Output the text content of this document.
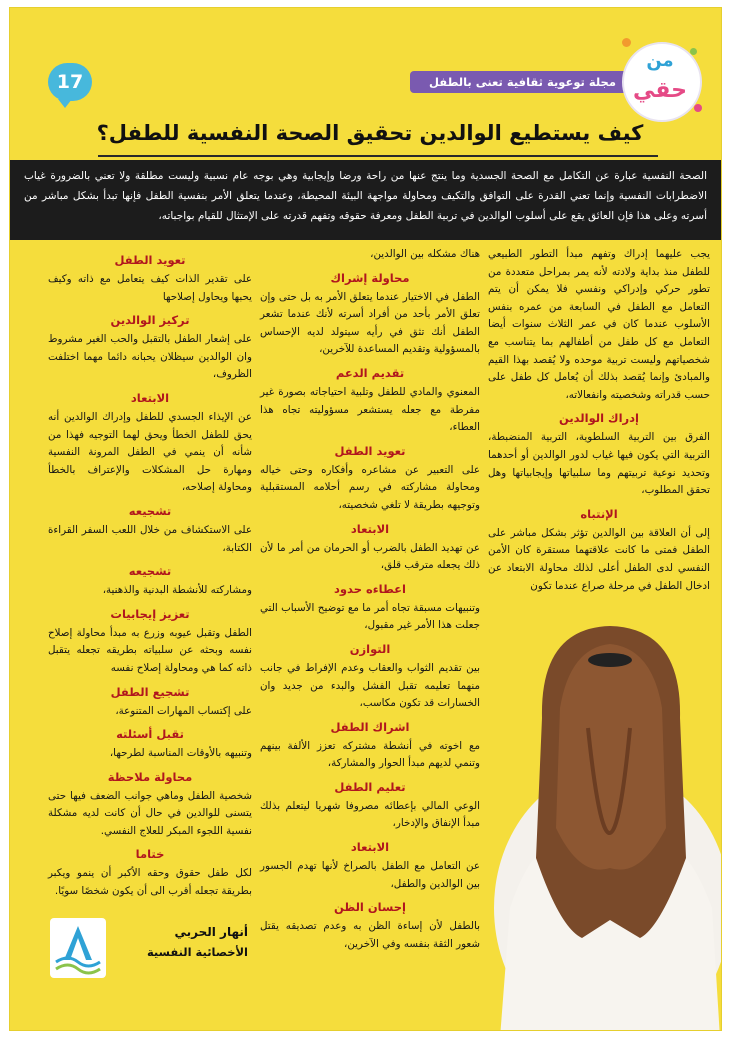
17	مجلة توعوية ثقافية تعنى بالطفل
من
حقي
كيف يستطيع الوالدين تحقيق الصحة النفسية للطفل؟

الصحة النفسية عبارة عن التكامل مع الصحة الجسدية وما ينتج عنها من راحة ورضا وإيجابية وهي بوجه عام نسبية وليست مطلقة ولا تعني بالضرورة غياب الاضطرابات النفسية وإنما تعني القدرة على التوافق والتكيف ومحاولة مواجهة البيئة المحيطة، وعندما يتعلق الأمر بنفسية الطفل فإنها تبدأ بشكل مباشر من أسرته وعلى هذا فإن العائق يقع على أسلوب الوالدين في تربية الطفل ومعرفة حقوقه وتفهم قدرته على الإمتثال للقيام بواجباته،

يجب عليهما إدراك وتفهم مبدأ التطور الطبيعي للطفل منذ بداية ولادته لأنه يمر بمراحل متعددة من تطور حركي وإدراكي ونفسي فلا يمكن أن يتم التعامل مع الطفل في السابعة من عمره بنفس الأسلوب عندما كان في عمر الثلاث سنوات أيضا التعامل مع كل طفل من أطفالهم بما يتناسب مع شخصياتهم وليست تربية موحده ولا يُقصد بهذا القيم والمبادئ وإنما يُقصد بذلك أن يُعامل كل طفل على حسب قدراته وشخصيته وانفعالاته،

إدراك الوالدين

الفرق بين التربية السلطوية، التربية المنضبطة، التربية التي يكون فيها غياب لدور الوالدين أو أحدهما وتحديد نوعية تربيتهم وما سلبياتها وإيجابياتها وهل تحقق المطلوب،

الإنتباه

إلى أن العلاقة بين الوالدين تؤثر بشكل مباشر على الطفل فمتى ما كانت علاقتهما مستقرة كان الأمن النفسي لدى الطفل أعلى لذلك محاولة الابتعاد عن ادخال الطفل في مرحلة صراع عندما تكون

هناك مشكله بين الوالدين،

محاولة إشراك

الطفل في الاختيار عندما يتعلق الأمر به بل حتى وإن تعلق الأمر بأحد من أفراد أسرته لأنك عندما تشعر الطفل أنك تثق في رأيه سيتولد لديه الإحساس بالمسؤولية وتقديم المساعدة للآخرين،

تقديم الدعم

المعنوي والمادي للطفل وتلبية احتياجاته بصورة غير مفرطة مع جعله يستشعر مسؤوليته تجاه هذا العطاء،

تعويد الطفل

على التعبير عن مشاعره وأفكاره وحتى خياله ومحاولة مشاركته في رسم أحلامه المستقبلية وتوجيهه بطريقة لا تلغي شخصيته،

الابتعاد

عن تهديد الطفل بالضرب أو الحرمان من أمر ما لأن ذلك يجعله مترقب قلق،

اعطاءه حدود

وتنبيهات مسبقة تجاه أمر ما مع توضيح الأسباب التي جعلت هذا الأمر غير مقبول،

التوازن

بين تقديم الثواب والعقاب وعدم الإفراط في جانب منهما تعليمه تقبل الفشل والبدء من جديد وان الخسارات قد تكون مكاسب،

اشراك الطفل

مع اخوته في أنشطة مشتركه تعزز الألفة بينهم وتنمي لديهم مبدأ الحوار والمشاركة،

تعليم الطفل

الوعي المالي بإعطائه مصروفا شهريا ليتعلم بذلك مبدأ الإنفاق والإدخار،

الابتعاد

عن التعامل مع الطفل بالصراخ لأنها تهدم الجسور بين الوالدين والطفل،

إحسان الظن

بالطفل لأن إساءة الظن به وعدم تصديقه يقتل شعور الثقة بنفسه وفي الآخرين،

تعويد الطفل

على تقدير الذات كيف يتعامل مع ذاته وكيف يحبها ويحاول إصلاحها

تركيز الوالدين

على إشعار الطفل بالتقبل والحب الغير مشروط وان الوالدين سيظلان يحبانه دائما مهما اختلفت الظروف،

الابتعاد

عن الإيذاء الجسدي للطفل وإدراك الوالدين أنه يحق للطفل الخطأ ويحق لهما التوجيه فهذا من شأنه أن ينمي في الطفل المرونة النفسية ومهارة حل المشكلات والإعتراف بالخطأ ومحاولة إصلاحه،

تشجيعه

على الاستكشاف من خلال اللعب السفر القراءة الكتابة،

تشجيعه

ومشاركته للأنشطة البدنية والذهنية،

تعزيز إيجابيات

الطفل وتقبل عيوبه وزرع به مبدأ محاولة إصلاح نفسه وبحثه عن سلبياته بطريقه تجعله يتقبل ذاته كما هي ومحاولة إصلاح نفسه

تشجيع الطفل

على إكتساب المهارات المتنوعة،

تقبل أسئلته

وتنبيهه بالأوقات المناسبة لطرحها،

محاولة ملاحظة

شخصية الطفل وماهي جوانب الضعف فيها حتى يتسنى للوالدين في حال أن كانت لديه مشكلة نفسية اللجوء المبكر للعلاج النفسي.

ختاما

لكل طفل حقوق وحقه الأكبر أن ينمو ويكبر بطريقة تجعله أقرب الى أن يكون شخصًا سويًا.

أنهار الحربي
الأخصائية النفسية
